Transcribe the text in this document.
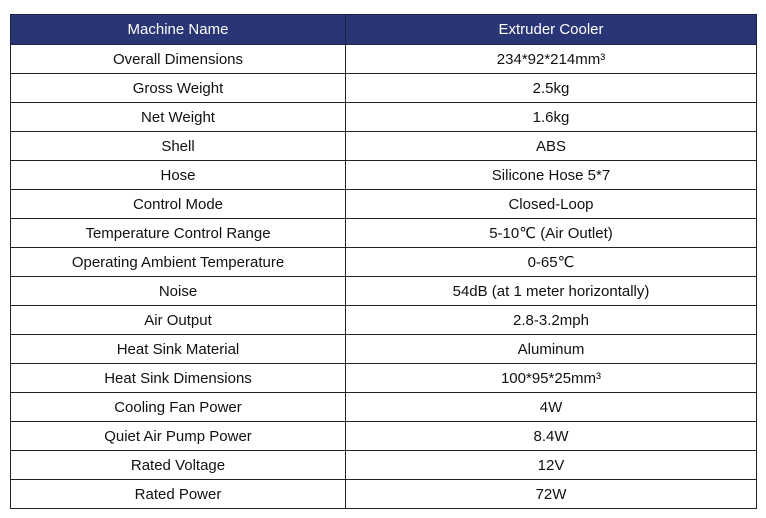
Machine Name	Extruder Cooler
Overall Dimensions	234*92*214mm³
Gross Weight	2.5kg
Net Weight	1.6kg
Shell	ABS
Hose	Silicone Hose 5*7
Control Mode	Closed-Loop
Temperature Control Range	5-10℃ (Air Outlet)
Operating Ambient Temperature	0-65℃
Noise	54dB (at 1 meter horizontally)
Air Output	2.8-3.2mph
Heat Sink Material	Aluminum
Heat Sink Dimensions	100*95*25mm³
Cooling Fan Power	4W
Quiet Air Pump Power	8.4W
Rated Voltage	12V
Rated Power	72W
